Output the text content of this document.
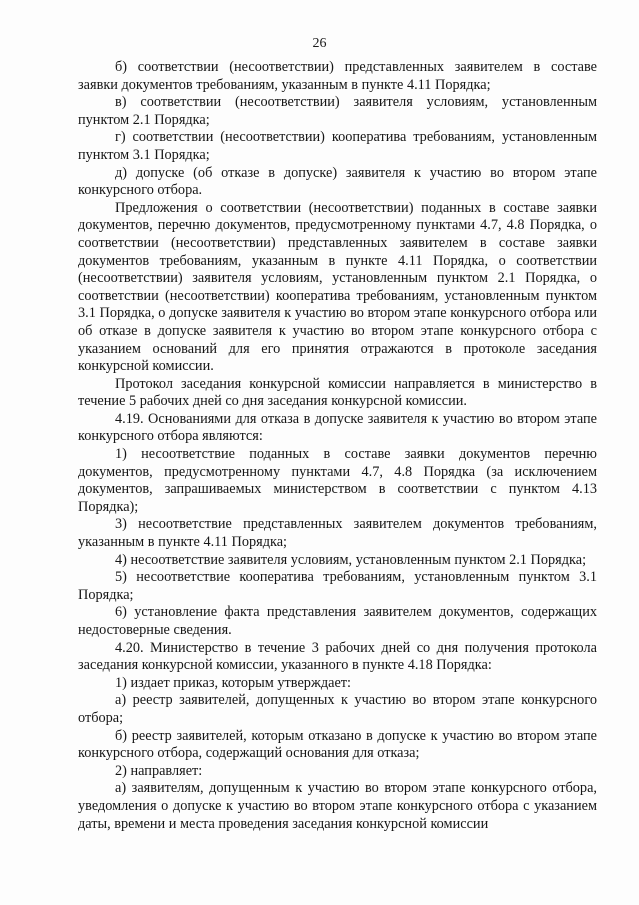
26

б) соответствии (несоответствии) представленных заявителем в составе заявки документов требованиям, указанным в пункте 4.11 Порядка;

в) соответствии (несоответствии) заявителя условиям, установленным пунктом 2.1 Порядка;

г) соответствии (несоответствии) кооператива требованиям, установленным пунктом 3.1 Порядка;

д) допуске (об отказе в допуске) заявителя к участию во втором этапе конкурсного отбора.

Предложения о соответствии (несоответствии) поданных в составе заявки документов, перечню документов, предусмотренному пунктами 4.7, 4.8 Порядка, о соответствии (несоответствии) представленных заявителем в составе заявки документов требованиям, указанным в пункте 4.11 Порядка, о соответствии (несоответствии) заявителя условиям, установленным пунктом 2.1 Порядка, о соответствии (несоответствии) кооператива требованиям, установленным пунктом 3.1 Порядка, о допуске заявителя к участию во втором этапе конкурсного отбора или об отказе в допуске заявителя к участию во втором этапе конкурсного отбора с указанием оснований для его принятия отражаются в протоколе заседания конкурсной комиссии.

Протокол заседания конкурсной комиссии направляется в министерство в течение 5 рабочих дней со дня заседания конкурсной комиссии.

4.19. Основаниями для отказа в допуске заявителя к участию во втором этапе конкурсного отбора являются:

1) несоответствие поданных в составе заявки документов перечню документов, предусмотренному пунктами 4.7, 4.8 Порядка (за исключением документов, запрашиваемых министерством в соответствии с пунктом 4.13 Порядка);

3) несоответствие представленных заявителем документов требованиям, указанным в пункте 4.11 Порядка;

4) несоответствие заявителя условиям, установленным пунктом 2.1 Порядка;

5) несоответствие кооператива требованиям, установленным пунктом 3.1 Порядка;

6) установление факта представления заявителем документов, содержащих недостоверные сведения.

4.20. Министерство в течение 3 рабочих дней со дня получения протокола заседания конкурсной комиссии, указанного в пункте 4.18 Порядка:

1) издает приказ, которым утверждает:

а) реестр заявителей, допущенных к участию во втором этапе конкурсного отбора;

б) реестр заявителей, которым отказано в допуске к участию во втором этапе конкурсного отбора, содержащий основания для отказа;

2) направляет:

а) заявителям, допущенным к участию во втором этапе конкурсного отбора, уведомления о допуске к участию во втором этапе конкурсного отбора с указанием даты, времени и места проведения заседания конкурсной комиссии
